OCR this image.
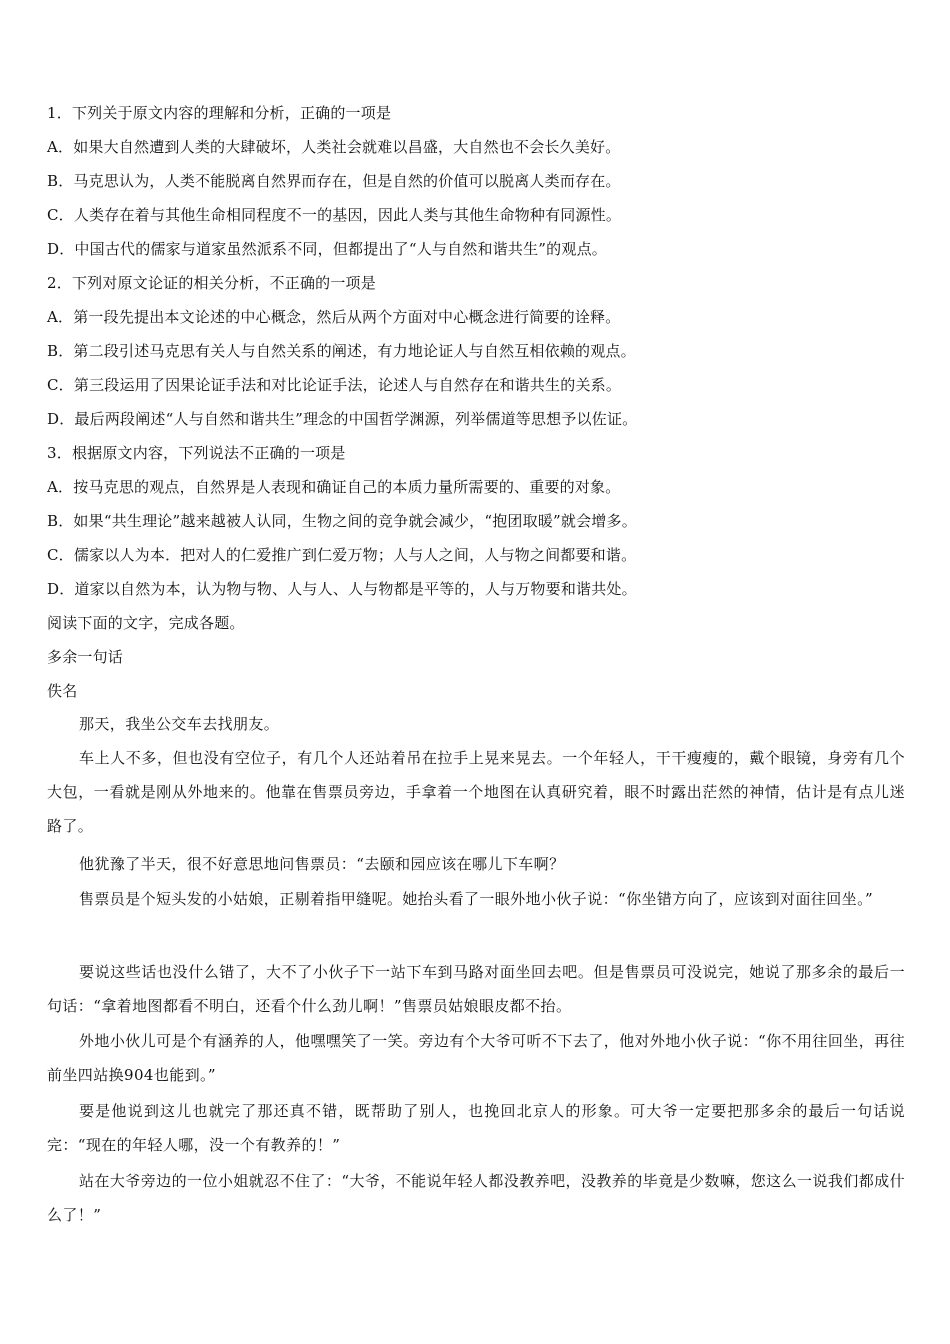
1．下列关于原文内容的理解和分析，正确的一项是
A．如果大自然遭到人类的大肆破坏，人类社会就难以昌盛，大自然也不会长久美好。
B．马克思认为，人类不能脱离自然界而存在，但是自然的价值可以脱离人类而存在。
C．人类存在着与其他生命相同程度不一的基因，因此人类与其他生命物种有同源性。
D．中国古代的儒家与道家虽然派系不同，但都提出了“人与自然和谐共生”的观点。
2．下列对原文论证的相关分析，不正确的一项是
A．第一段先提出本文论述的中心概念，然后从两个方面对中心概念进行简要的诠释。
B．第二段引述马克思有关人与自然关系的阐述，有力地论证人与自然互相依赖的观点。
C．第三段运用了因果论证手法和对比论证手法，论述人与自然存在和谐共生的关系。
D．最后两段阐述“人与自然和谐共生”理念的中国哲学渊源，列举儒道等思想予以佐证。
3．根据原文内容，下列说法不正确的一项是
A．按马克思的观点，自然界是人表现和确证自己的本质力量所需要的、重要的对象。
B．如果“共生理论”越来越被人认同，生物之间的竞争就会减少，“抱团取暖”就会增多。
C．儒家以人为本．把对人的仁爱推广到仁爱万物；人与人之间，人与物之间都要和谐。
D．道家以自然为本，认为物与物、人与人、人与物都是平等的，人与万物要和谐共处。
阅读下面的文字，完成各题。
多余一句话
佚名
那天，我坐公交车去找朋友。
车上人不多，但也没有空位子，有几个人还站着吊在拉手上晃来晃去。一个年轻人，干干瘦瘦的，戴个眼镜，身旁有几个大包，一看就是刚从外地来的。他靠在售票员旁边，手拿着一个地图在认真研究着，眼不时露出茫然的神情，估计是有点儿迷路了。
他犹豫了半天，很不好意思地问售票员：“去颐和园应该在哪儿下车啊？
售票员是个短头发的小姑娘，正剔着指甲缝呢。她抬头看了一眼外地小伙子说：“你坐错方向了，应该到对面往回坐。”
要说这些话也没什么错了，大不了小伙子下一站下车到马路对面坐回去吧。但是售票员可没说完，她说了那多余的最后一句话：“拿着地图都看不明白，还看个什么劲儿啊！”售票员姑娘眼皮都不抬。
外地小伙儿可是个有涵养的人，他嘿嘿笑了一笑。旁边有个大爷可听不下去了，他对外地小伙子说：“你不用往回坐，再往前坐四站换904也能到。”
要是他说到这儿也就完了那还真不错，既帮助了别人，也挽回北京人的形象。可大爷一定要把那多余的最后一句话说完：“现在的年轻人哪，没一个有教养的！”
站在大爷旁边的一位小姐就忍不住了：“大爷，不能说年轻人都没教养吧，没教养的毕竟是少数嘛，您这么一说我们都成什么了！”
